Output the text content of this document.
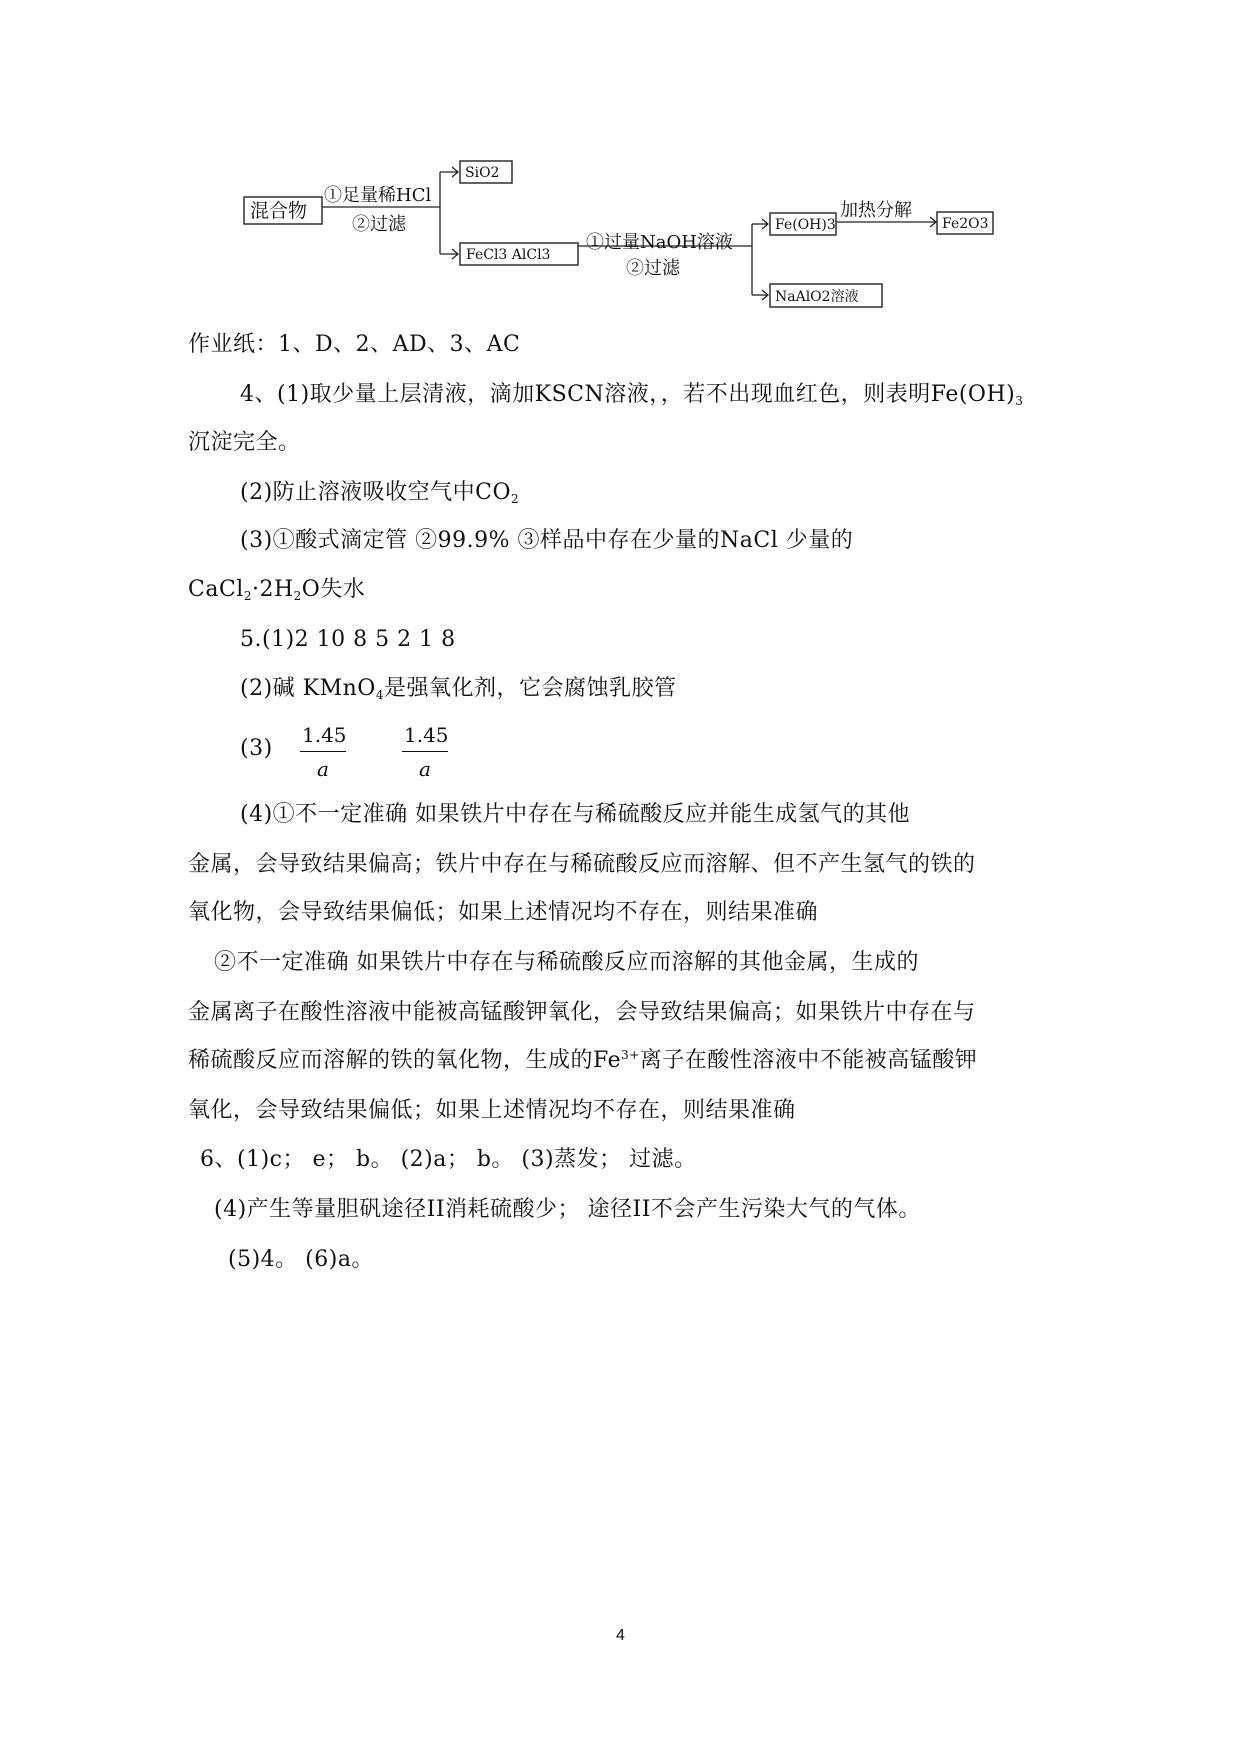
混合物
①足量稀HCl
②过滤
SiO2
FeCl3 AlCl3
①过量NaOH溶液
②过滤
Fe(OH)3
加热分解
Fe2O3
NaAlO2溶液
作业纸：1、D、2、AD、3、AC
4、(1)取少量上层清液，滴加KSCN溶液，，若不出现血红色，则表明$Fe(OH)_3$
沉淀完全。
(2)防止溶液吸收空气中$CO_2$
(3)①酸式滴定管 ②99.9% ③样品中存在少量的NaCl 少量的
$CaCl_2\cdot 2H_2O$失水
5.(1)2 10 8 5 2 1 8
(2)碱 KMnO$_4$是强氧化剂，它会腐蚀乳胶管
(3)
1.45
a
1.45
a
(4)①不一定准确 如果铁片中存在与稀硫酸反应并能生成氢气的其他
金属，会导致结果偏高；铁片中存在与稀硫酸反应而溶解、但不产生氢气的铁的
氧化物，会导致结果偏低；如果上述情况均不存在，则结果准确
②不一定准确 如果铁片中存在与稀硫酸反应而溶解的其他金属，生成的
金属离子在酸性溶液中能被高锰酸钾氧化，会导致结果偏高；如果铁片中存在与
稀硫酸反应而溶解的铁的氧化物，生成的$Fe^{3+}$离子在酸性溶液中不能被高锰酸钾
氧化，会导致结果偏低；如果上述情况均不存在，则结果准确
6、(1)c； e； b。 (2)a； b。 (3)蒸发； 过滤。
(4)产生等量胆矾途径II消耗硫酸少； 途径II不会产生污染大气的气体。
(5)4。 (6)a。
4
